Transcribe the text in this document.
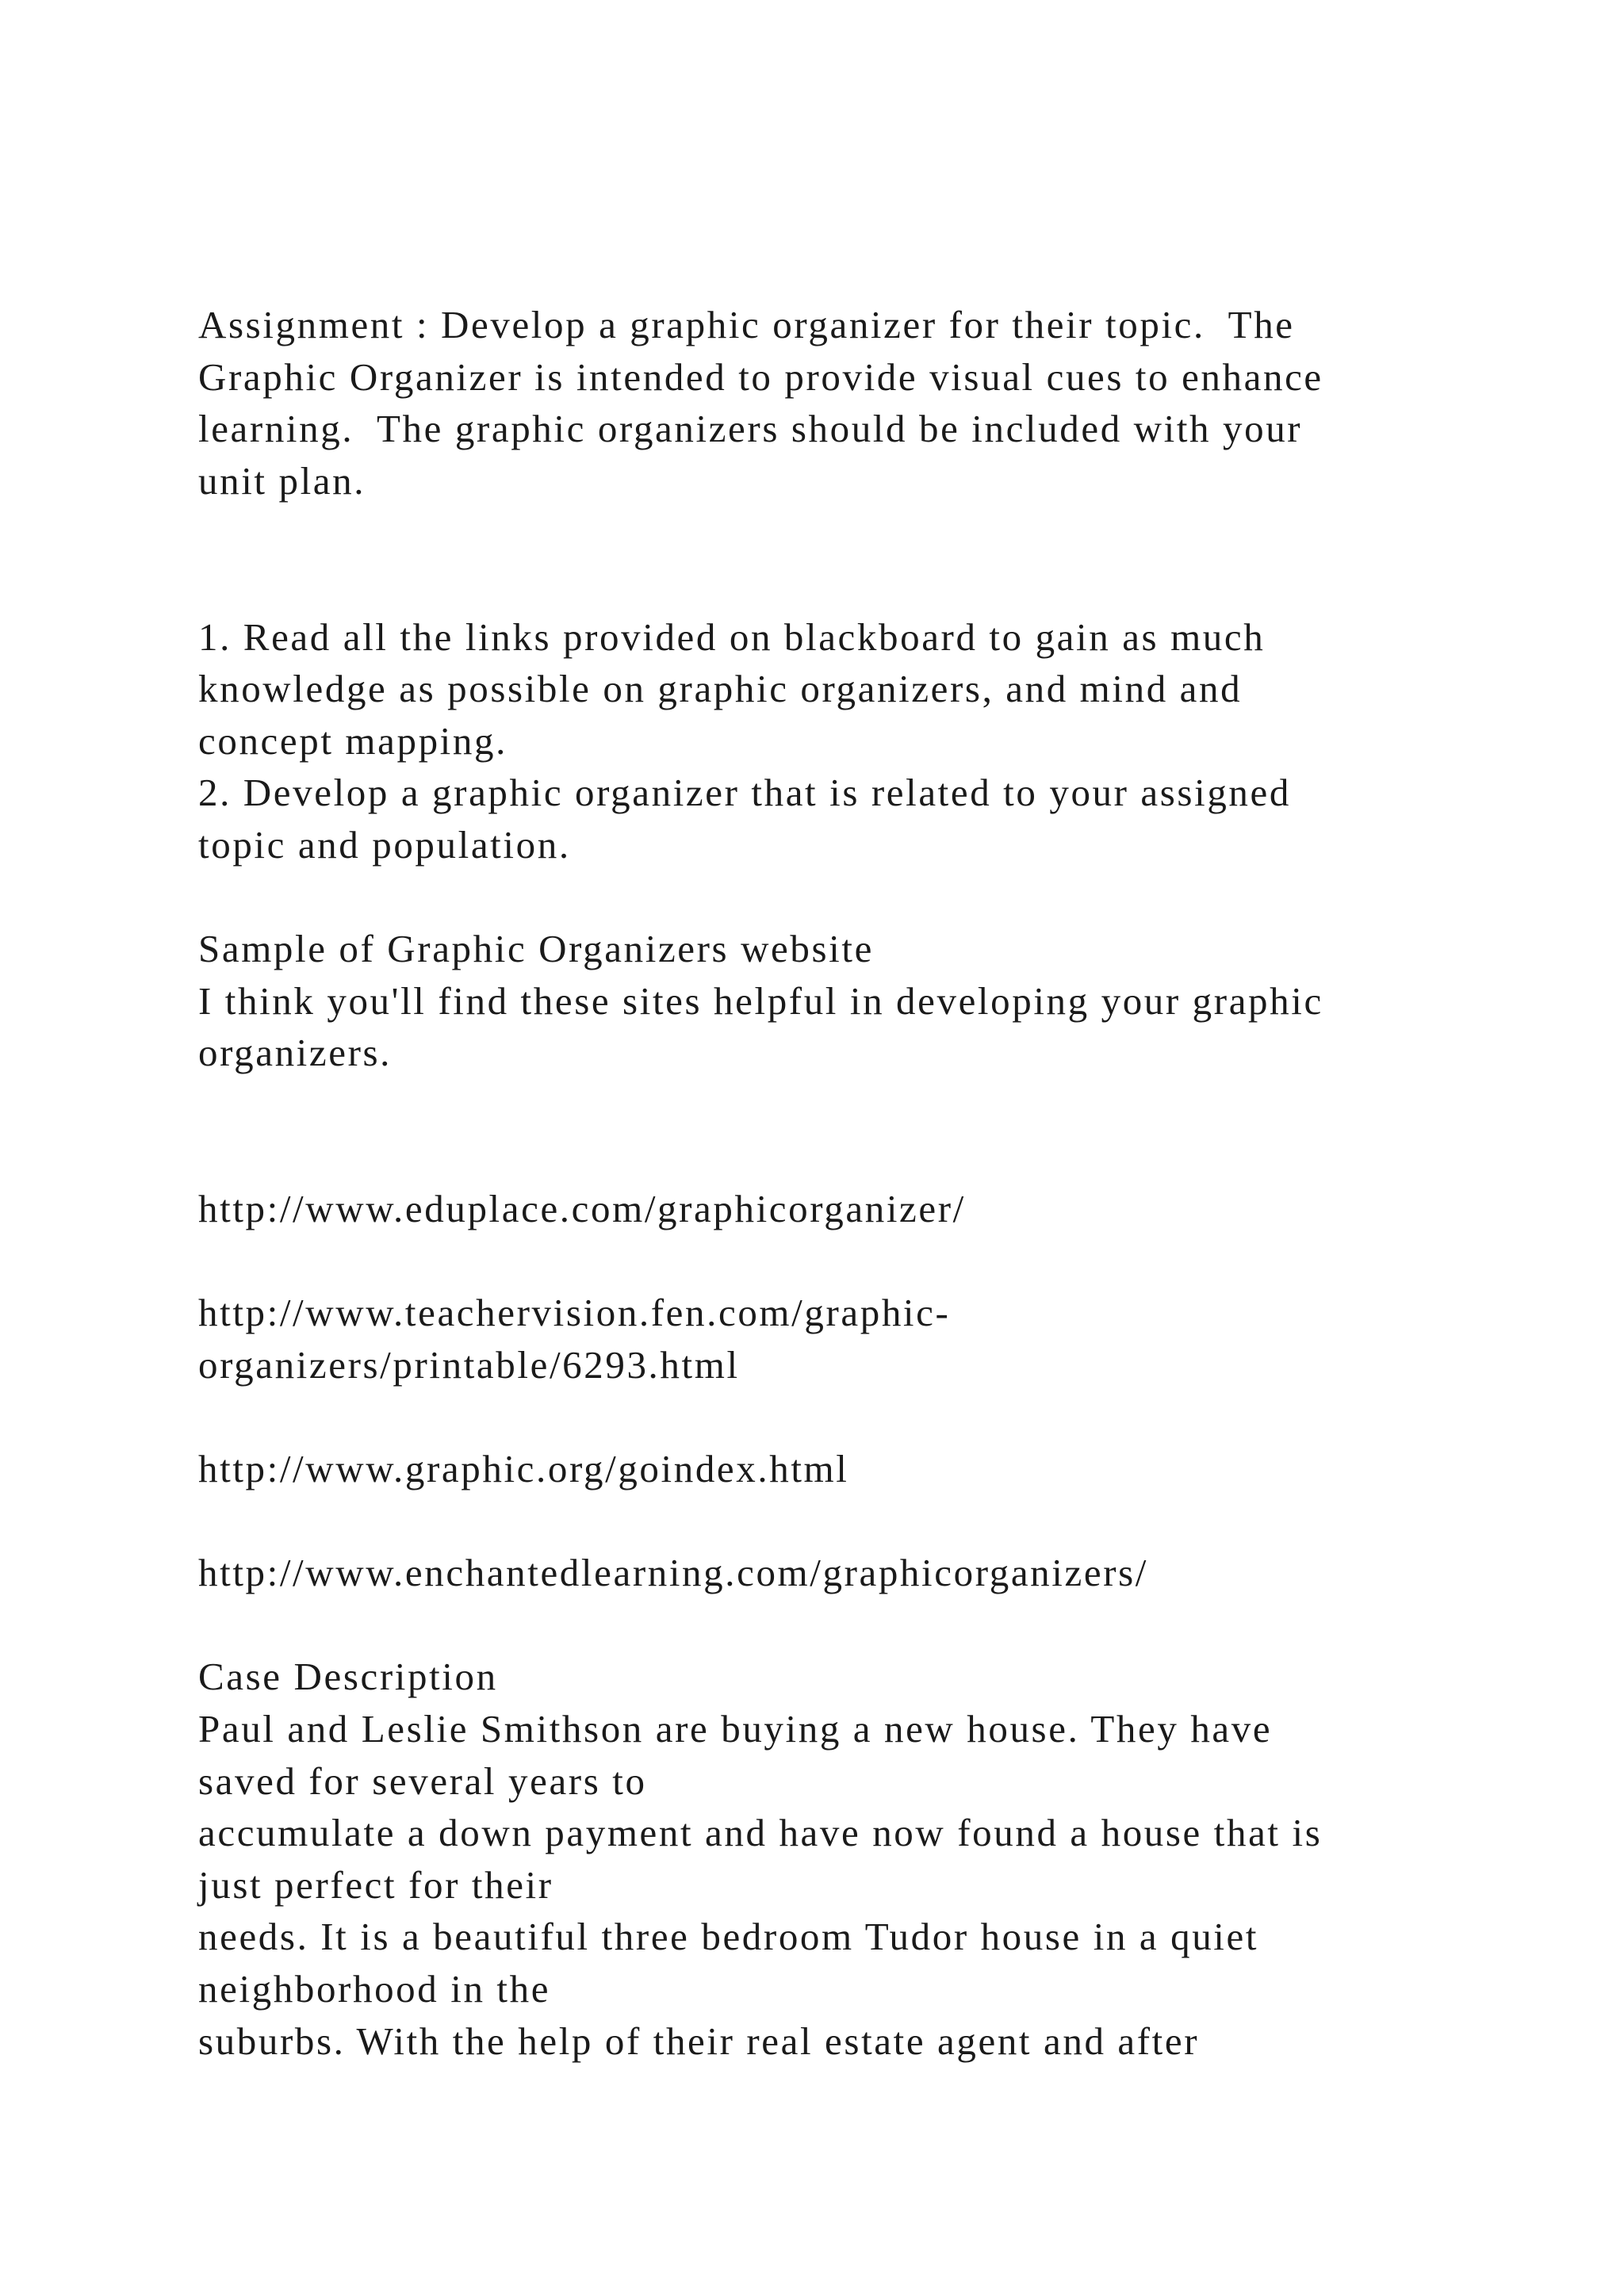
Assignment : Develop a graphic organizer for their topic.  The
Graphic Organizer is intended to provide visual cues to enhance
learning.  The graphic organizers should be included with your
unit plan.
1. Read all the links provided on blackboard to gain as much
knowledge as possible on graphic organizers, and mind and
concept mapping.
2. Develop a graphic organizer that is related to your assigned
topic and population.
Sample of Graphic Organizers website
I think you'll find these sites helpful in developing your graphic
organizers.
http://www.eduplace.com/graphicorganizer/
http://www.teachervision.fen.com/graphic-
organizers/printable/6293.html
http://www.graphic.org/goindex.html
http://www.enchantedlearning.com/graphicorganizers/
Case Description
Paul and Leslie Smithson are buying a new house. They have
saved for several years to
accumulate a down payment and have now found a house that is
just perfect for their
needs. It is a beautiful three bedroom Tudor house in a quiet
neighborhood in the
suburbs. With the help of their real estate agent and after
